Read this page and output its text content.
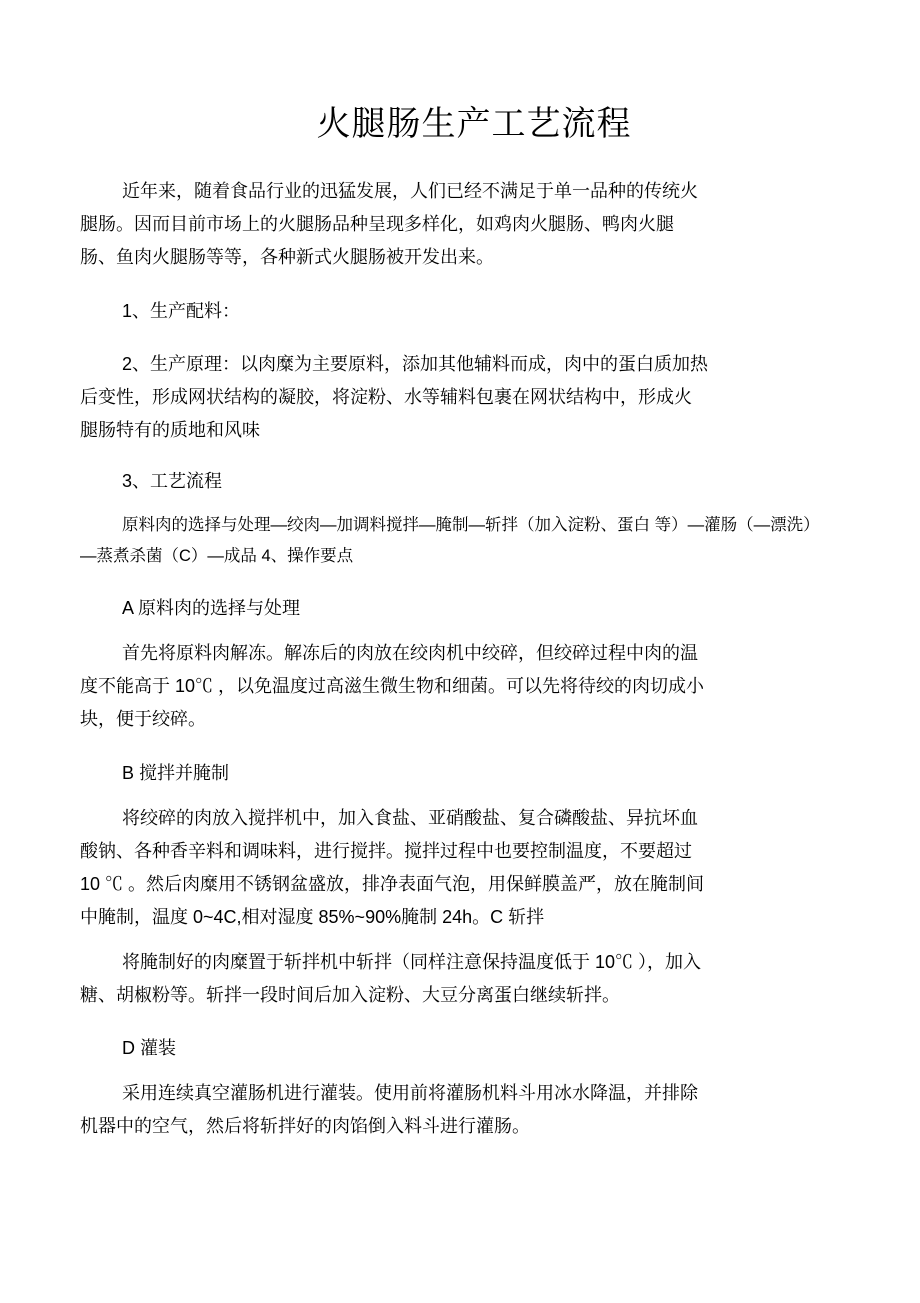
火腿肠生产工艺流程
近年来，随着食品行业的迅猛发展，人们已经不满足于单一品种的传统火
腿肠。因而目前市场上的火腿肠品种呈现多样化，如鸡肉火腿肠、鸭肉火腿
肠、鱼肉火腿肠等等，各种新式火腿肠被开发出来。
1、生产配料：
2、生产原理：以肉糜为主要原料，添加其他辅料而成，肉中的蛋白质加热
后变性，形成网状结构的凝胶，将淀粉、水等辅料包裹在网状结构中，形成火
腿肠特有的质地和风味
3、工艺流程
原料肉的选择与处理—绞肉—加调料搅拌—腌制—斩拌（加入淀粉、蛋白 等）—灌肠（—漂洗）
—蒸煮杀菌（C）—成品 4、操作要点
A 原料肉的选择与处理
首先将原料肉解冻。解冻后的肉放在绞肉机中绞碎，但绞碎过程中肉的温
度不能高于 10℃ ，以免温度过高滋生微生物和细菌。可以先将待绞的肉切成小
块，便于绞碎。
B 搅拌并腌制
将绞碎的肉放入搅拌机中，加入食盐、亚硝酸盐、复合磷酸盐、异抗坏血
酸钠、各种香辛料和调味料，进行搅拌。搅拌过程中也要控制温度，不要超过
10 ℃ 。然后肉糜用不锈钢盆盛放，排净表面气泡，用保鲜膜盖严，放在腌制间
中腌制，温度 0~4C,相对湿度 85%~90%腌制 24h。C 斩拌
将腌制好的肉糜置于斩拌机中斩拌（同样注意保持温度低于 10℃ ），加入
糖、胡椒粉等。斩拌一段时间后加入淀粉、大豆分离蛋白继续斩拌。
D 灌装
采用连续真空灌肠机进行灌装。使用前将灌肠机料斗用冰水降温，并排除
机器中的空气，然后将斩拌好的肉馅倒入料斗进行灌肠。
